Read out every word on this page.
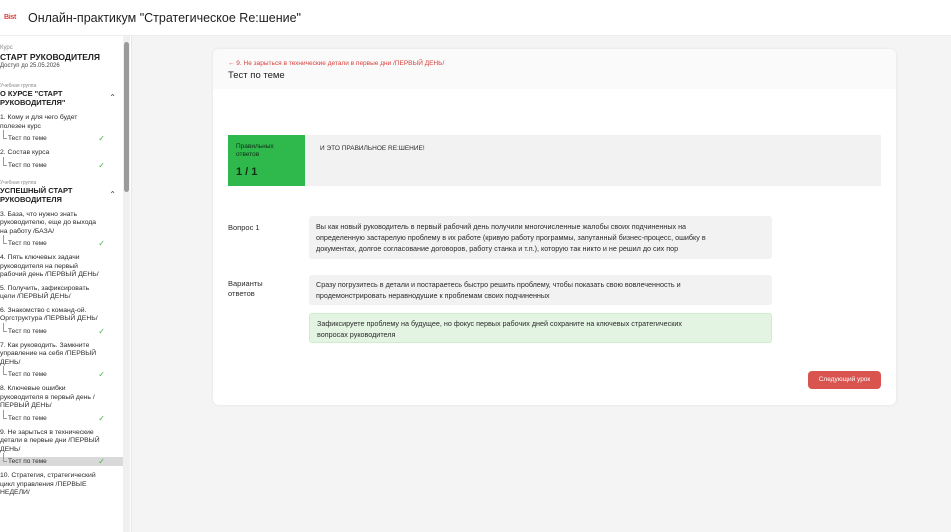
Bist Онлайн-практикум "Стратегическое Re:шение"
Курс
СТАРТ РУКОВОДИТЕЛЯ
Доступ до 25.05.2026
Учебная группа
О КУРСЕ "СТАРТ
РУКОВОДИТЕЛЯ"
⌃
1. Кому и для чего будет
полезен курс
Тест по теме	✓
2. Состав курса
Тест по теме	✓
Учебная группа
УСПЕШНЫЙ СТАРТ
РУКОВОДИТЕЛЯ
⌃
3. База, что нужно знать
руководителю, еще до выхода
на работу /БАЗА/
Тест по теме	✓
4. Пять ключевых задачи
руководителя на первый
рабочий день /ПЕРВЫЙ ДЕНЬ/
5. Получить, зафиксировать
цели /ПЕРВЫЙ ДЕНЬ/
6. Знакомство с команд-ой.
Оргструктура /ПЕРВЫЙ ДЕНЬ/
Тест по теме	✓
7. Как руководить. Замкните
управление на себя /ПЕРВЫЙ
ДЕНЬ/
Тест по теме	✓
8. Ключевые ошибки
руководителя в первый день /
ПЕРВЫЙ ДЕНЬ/
Тест по теме	✓
9. Не зарыться в технические
детали в первые дни /ПЕРВЫЙ
ДЕНЬ/
Тест по теме	✓
10. Стратегия, стратегический
цикл управления /ПЕРВЫЕ
НЕДЕЛИ/
← 9. Не зарыться в технические детали в первые дни /ПЕРВЫЙ ДЕНЬ/
Тест по теме
Правильных
ответов
1 / 1
И ЭТО ПРАВИЛЬНОЕ RE:ШЕНИЕ!
Вопрос 1	Вы как новый руководитель в первый рабочий день получили многочисленные жалобы своих подчиненных на
определенную застарелую проблему в их работе (кривую работу программы, запутанный бизнес-процесс, ошибку в
документах, долгое согласование договоров, работу станка и т.п.), которую так никто и не решил до сих пор
Варианты
ответов
Сразу погрузитесь в детали и постараетесь быстро решить проблему, чтобы показать свою вовлеченность и
продемонстрировать неравнодушие к проблемам своих подчиненных
Зафиксируете проблему на будущее, но фокус первых рабочих дней сохраните на ключевых стратегических
вопросах руководителя
Следующий урок
